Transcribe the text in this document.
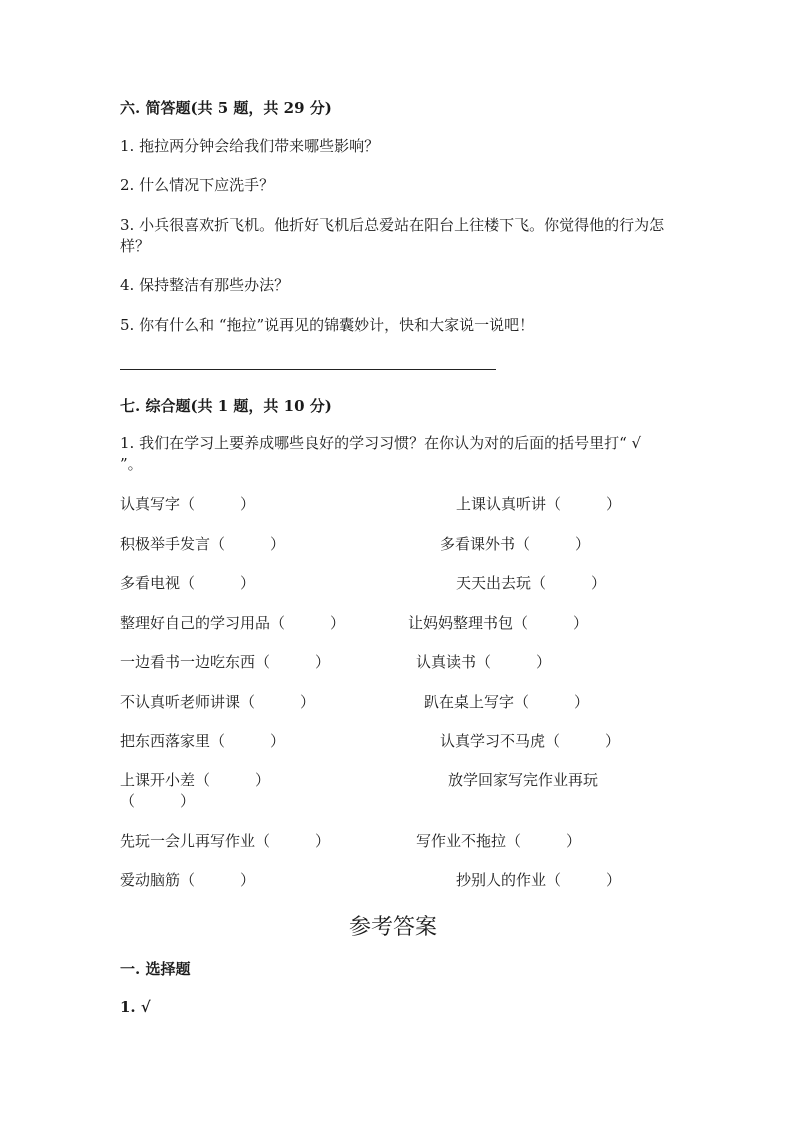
六. 简答题(共 5 题，共 29 分)
1. 拖拉两分钟会给我们带来哪些影响？
2. 什么情况下应洗手？
3. 小兵很喜欢折飞机。他折好飞机后总爱站在阳台上往楼下飞。你觉得他的行为怎样？
4. 保持整洁有那些办法？
5. 你有什么和 “拖拉”说再见的锦囊妙计，快和大家说一说吧！
七. 综合题(共 1 题，共 10 分)
1. 我们在学习上要养成哪些良好的学习习惯？在你认为对的后面的括号里打“ √ ”。
认真写字（　　　）
积极举手发言（　　　）
多看电视（　　　）
整理好自己的学习用品（　　　）
一边看书一边吃东西（　　　）
不认真听老师讲课（　　　）
把东西落家里（　　　）
上课开小差（　　　）
先玩一会儿再写作业（　　　）
爱动脑筋（　　　）
上课认真听讲（　　　）
多看课外书（　　　）
天天出去玩（　　　）
让妈妈整理书包（　　　）
认真读书（　　　）
趴在桌上写字（　　　）
认真学习不马虎（　　　）
放学回家写完作业再玩
（　　　）
写作业不拖拉（　　　）
抄别人的作业（　　　）
参考答案
一. 选择题
1. √
